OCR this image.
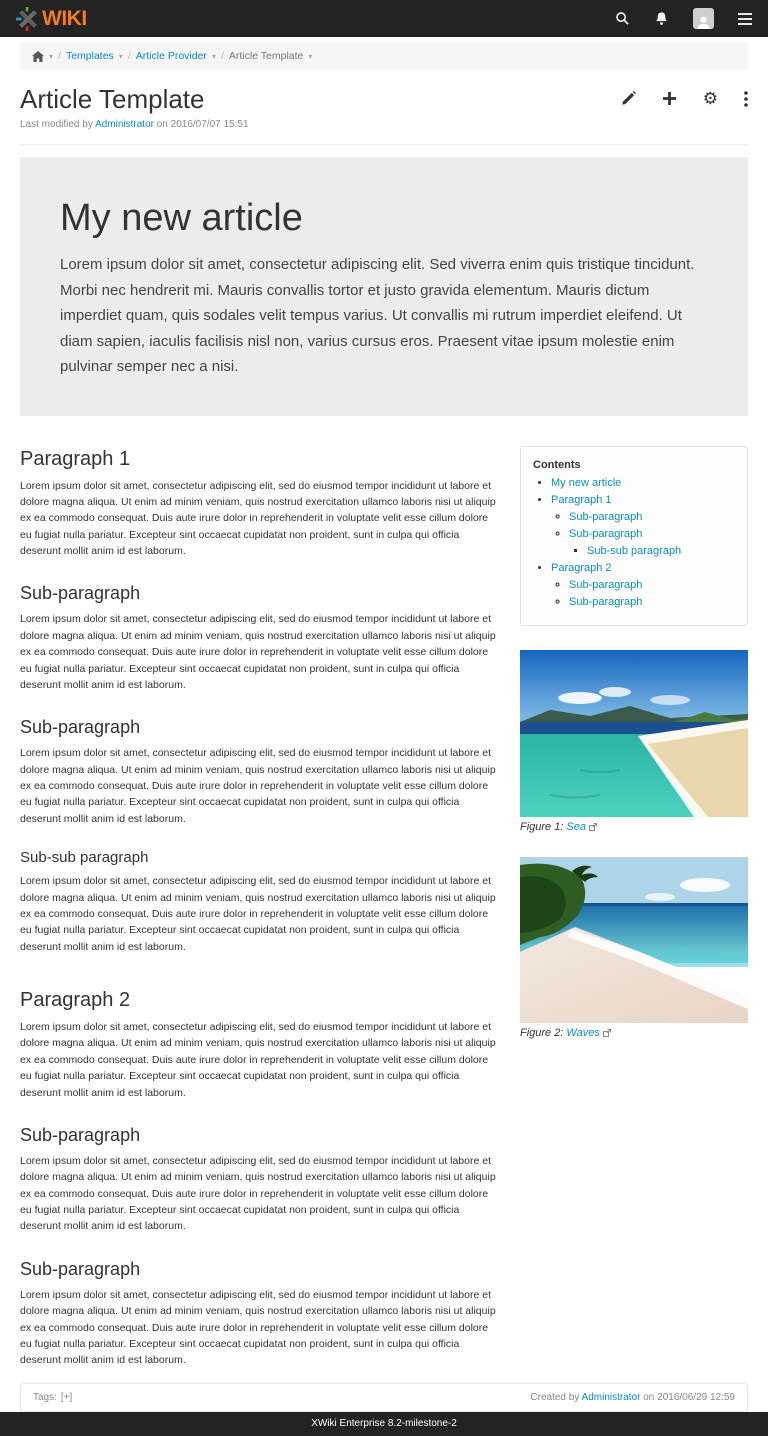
WIKI
▾ / Templates ▾ / Article Provider ▾ / Article Template ▾
Article Template	⚙
Last modified by Administrator on 2016/07/07 15:51
My new article

Lorem ipsum dolor sit amet, consectetur adipiscing elit. Sed viverra enim quis tristique tincidunt. Morbi nec hendrerit mi. Mauris convallis tortor et justo gravida elementum. Mauris dictum imperdiet quam, quis sodales velit tempus varius. Ut convallis mi rutrum imperdiet eleifend. Ut diam sapien, iaculis facilisis nisl non, varius cursus eros. Praesent vitae ipsum molestie enim pulvinar semper nec a nisi.

Paragraph 1

Lorem ipsum dolor sit amet, consectetur adipiscing elit, sed do eiusmod tempor incididunt ut labore et dolore magna aliqua. Ut enim ad minim veniam, quis nostrud exercitation ullamco laboris nisi ut aliquip ex ea commodo consequat. Duis aute irure dolor in reprehenderit in voluptate velit esse cillum dolore eu fugiat nulla pariatur. Excepteur sint occaecat cupidatat non proident, sunt in culpa qui officia deserunt mollit anim id est laborum.

Sub-paragraph

Lorem ipsum dolor sit amet, consectetur adipiscing elit, sed do eiusmod tempor incididunt ut labore et dolore magna aliqua. Ut enim ad minim veniam, quis nostrud exercitation ullamco laboris nisi ut aliquip ex ea commodo consequat. Duis aute irure dolor in reprehenderit in voluptate velit esse cillum dolore eu fugiat nulla pariatur. Excepteur sint occaecat cupidatat non proident, sunt in culpa qui officia deserunt mollit anim id est laborum.

Sub-paragraph

Lorem ipsum dolor sit amet, consectetur adipiscing elit, sed do eiusmod tempor incididunt ut labore et dolore magna aliqua. Ut enim ad minim veniam, quis nostrud exercitation ullamco laboris nisi ut aliquip ex ea commodo consequat. Duis aute irure dolor in reprehenderit in voluptate velit esse cillum dolore eu fugiat nulla pariatur. Excepteur sint occaecat cupidatat non proident, sunt in culpa qui officia deserunt mollit anim id est laborum.

Sub-sub paragraph

Lorem ipsum dolor sit amet, consectetur adipiscing elit, sed do eiusmod tempor incididunt ut labore et dolore magna aliqua. Ut enim ad minim veniam, quis nostrud exercitation ullamco laboris nisi ut aliquip ex ea commodo consequat. Duis aute irure dolor in reprehenderit in voluptate velit esse cillum dolore eu fugiat nulla pariatur. Excepteur sint occaecat cupidatat non proident, sunt in culpa qui officia deserunt mollit anim id est laborum.

Paragraph 2

Lorem ipsum dolor sit amet, consectetur adipiscing elit, sed do eiusmod tempor incididunt ut labore et dolore magna aliqua. Ut enim ad minim veniam, quis nostrud exercitation ullamco laboris nisi ut aliquip ex ea commodo consequat. Duis aute irure dolor in reprehenderit in voluptate velit esse cillum dolore eu fugiat nulla pariatur. Excepteur sint occaecat cupidatat non proident, sunt in culpa qui officia deserunt mollit anim id est laborum.

Sub-paragraph

Lorem ipsum dolor sit amet, consectetur adipiscing elit, sed do eiusmod tempor incididunt ut labore et dolore magna aliqua. Ut enim ad minim veniam, quis nostrud exercitation ullamco laboris nisi ut aliquip ex ea commodo consequat. Duis aute irure dolor in reprehenderit in voluptate velit esse cillum dolore eu fugiat nulla pariatur. Excepteur sint occaecat cupidatat non proident, sunt in culpa qui officia deserunt mollit anim id est laborum.

Sub-paragraph

Lorem ipsum dolor sit amet, consectetur adipiscing elit, sed do eiusmod tempor incididunt ut labore et dolore magna aliqua. Ut enim ad minim veniam, quis nostrud exercitation ullamco laboris nisi ut aliquip ex ea commodo consequat. Duis aute irure dolor in reprehenderit in voluptate velit esse cillum dolore eu fugiat nulla pariatur. Excepteur sint occaecat cupidatat non proident, sunt in culpa qui officia deserunt mollit anim id est laborum.

Contents
• My new article
• Paragraph 1
◦ Sub-paragraph
◦ Sub-paragraph
▪ Sub-sub paragraph
• Paragraph 2
◦ Sub-paragraph
◦ Sub-paragraph
Figure 1: Sea
Figure 2: Waves
Tags: [+]	Created by Administrator on 2016/06/29 12:59
XWiki Enterprise 8.2-milestone-2
